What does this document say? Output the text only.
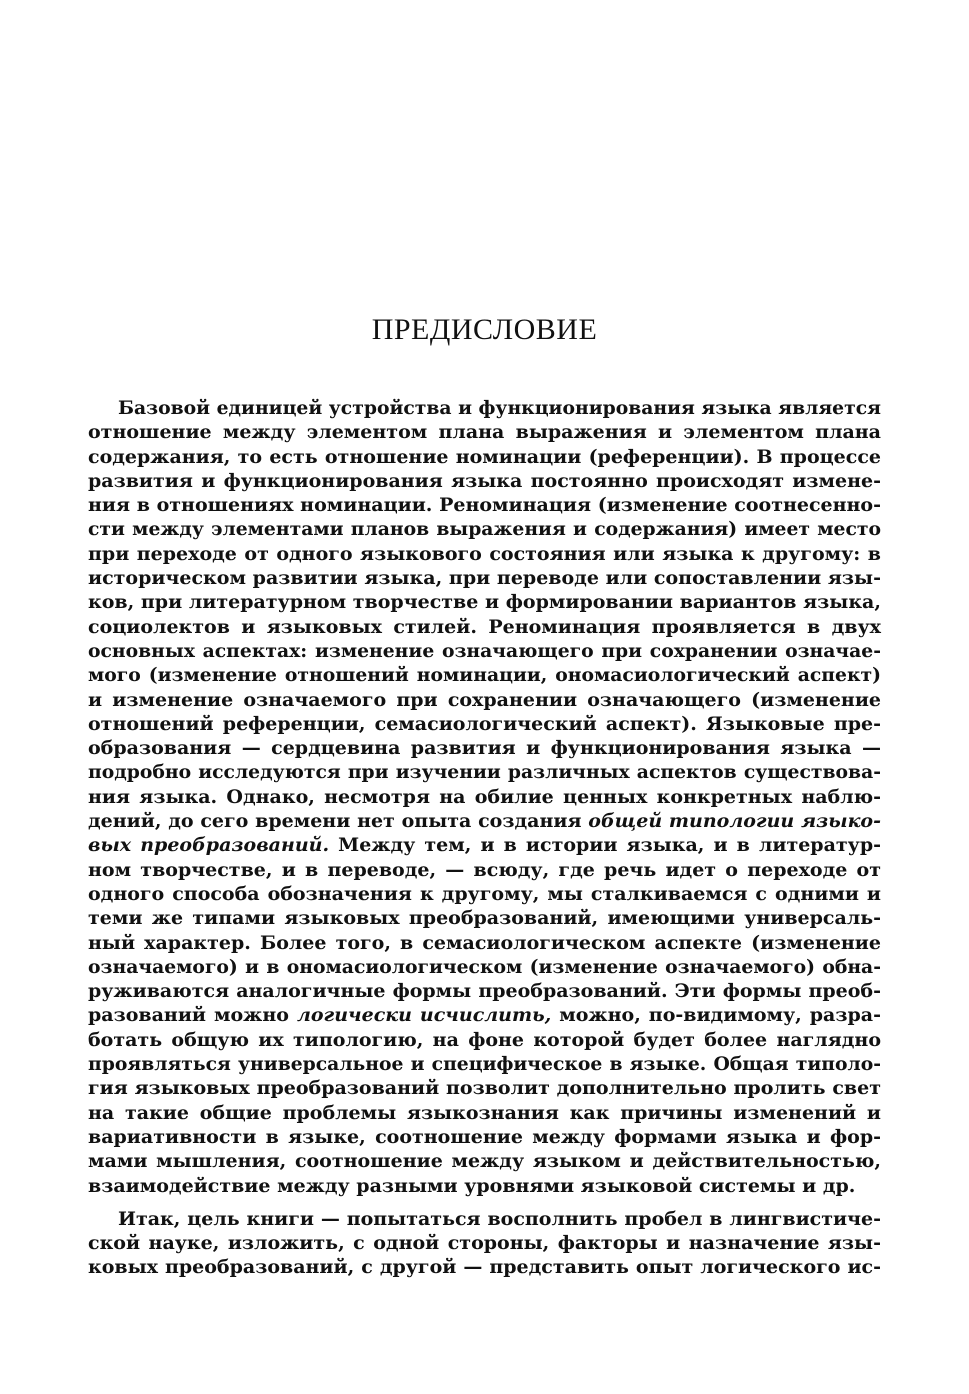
ПРЕДИСЛОВИЕ
Базовой единицей устройства и функционирования языка является
отношение между элементом плана выражения и элементом плана
содержания, то есть отношение номинации (референции). В процессе
развития и функционирования языка постоянно происходят измене-
ния в отношениях номинации. Реноминация (изменение соотнесенно-
сти между элементами планов выражения и содержания) имеет место
при переходе от одного языкового состояния или языка к другому: в
историческом развитии языка, при переводе или сопоставлении язы-
ков, при литературном творчестве и формировании вариантов языка,
социолектов и языковых стилей. Реноминация проявляется в двух
основных аспектах: изменение означающего при сохранении означае-
мого (изменение отношений номинации, ономасиологический аспект)
и изменение означаемого при сохранении означающего (изменение
отношений референции, семасиологический аспект). Языковые пре-
образования — сердцевина развития и функционирования языка —
подробно исследуются при изучении различных аспектов существова-
ния языка. Однако, несмотря на обилие ценных конкретных наблю-
дений, до сего времени нет опыта создания общей типологии языко-
вых преобразований. Между тем, и в истории языка, и в литератур-
ном творчестве, и в переводе, — всюду, где речь идет о переходе от
одного способа обозначения к другому, мы сталкиваемся с одними и
теми же типами языковых преобразований, имеющими универсаль-
ный характер. Более того, в семасиологическом аспекте (изменение
означаемого) и в ономасиологическом (изменение означаемого) обна-
руживаются аналогичные формы преобразований. Эти формы преоб-
разований можно логически исчислить, можно, по-видимому, разра-
ботать общую их типологию, на фоне которой будет более наглядно
проявляться универсальное и специфическое в языке. Общая типоло-
гия языковых преобразований позволит дополнительно пролить свет
на такие общие проблемы языкознания как причины изменений и
вариативности в языке, соотношение между формами языка и фор-
мами мышления, соотношение между языком и действительностью,
взаимодействие между разными уровнями языковой системы и др.
Итак, цель книги — попытаться восполнить пробел в лингвистиче-
ской науке, изложить, с одной стороны, факторы и назначение язы-
ковых преобразований, с другой — представить опыт логического ис-
